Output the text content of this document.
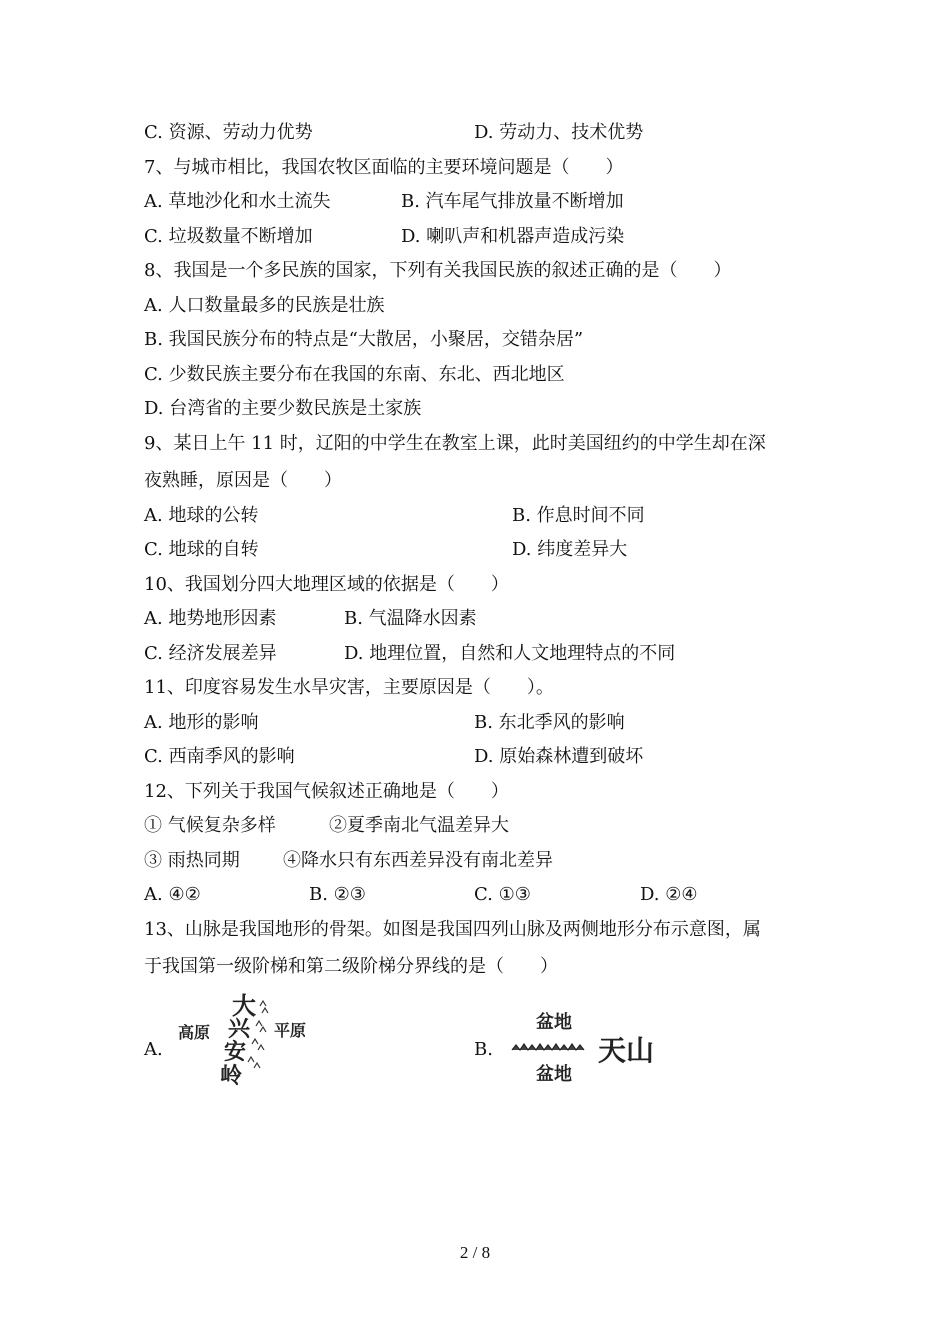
C. 资源、劳动力优势	D. 劳动力、技术优势
7、与城市相比，我国农牧区面临的主要环境问题是（　　）
A. 草地沙化和水土流失	B. 汽车尾气排放量不断增加
C. 垃圾数量不断增加	D. 喇叭声和机器声造成污染
8、我国是一个多民族的国家，下列有关我国民族的叙述正确的是（　　）
A. 人口数量最多的民族是壮族
B. 我国民族分布的特点是“大散居，小聚居，交错杂居”
C. 少数民族主要分布在我国的东南、东北、西北地区
D. 台湾省的主要少数民族是土家族
9、某日上午 11 时，辽阳的中学生在教室上课，此时美国纽约的中学生却在深
夜熟睡，原因是（　　）
A. 地球的公转	B. 作息时间不同
C. 地球的自转	D. 纬度差异大
10、我国划分四大地理区域的依据是（　　）
A. 地势地形因素	B. 气温降水因素
C. 经济发展差异	D. 地理位置，自然和人文地理特点的不同
11、印度容易发生水旱灾害，主要原因是（　　）。
A. 地形的影响	B. 东北季风的影响
C. 西南季风的影响	D. 原始森林遭到破坏
12、下列关于我国气候叙述正确地是（　　）
① 气候复杂多样	②夏季南北气温差异大
③ 雨热同期 ④降水只有东西差异没有南北差异
A. ④②	B. ②③	C. ①③	D. ②④
13、山脉是我国地形的骨架。如图是我国四列山脉及两侧地形分布示意图，属
于我国第一级阶梯和第二级阶梯分界线的是（　　）
A.	B.
高原	平原
大
兴
安
岭
盆地
盆地
天山
2 / 8
